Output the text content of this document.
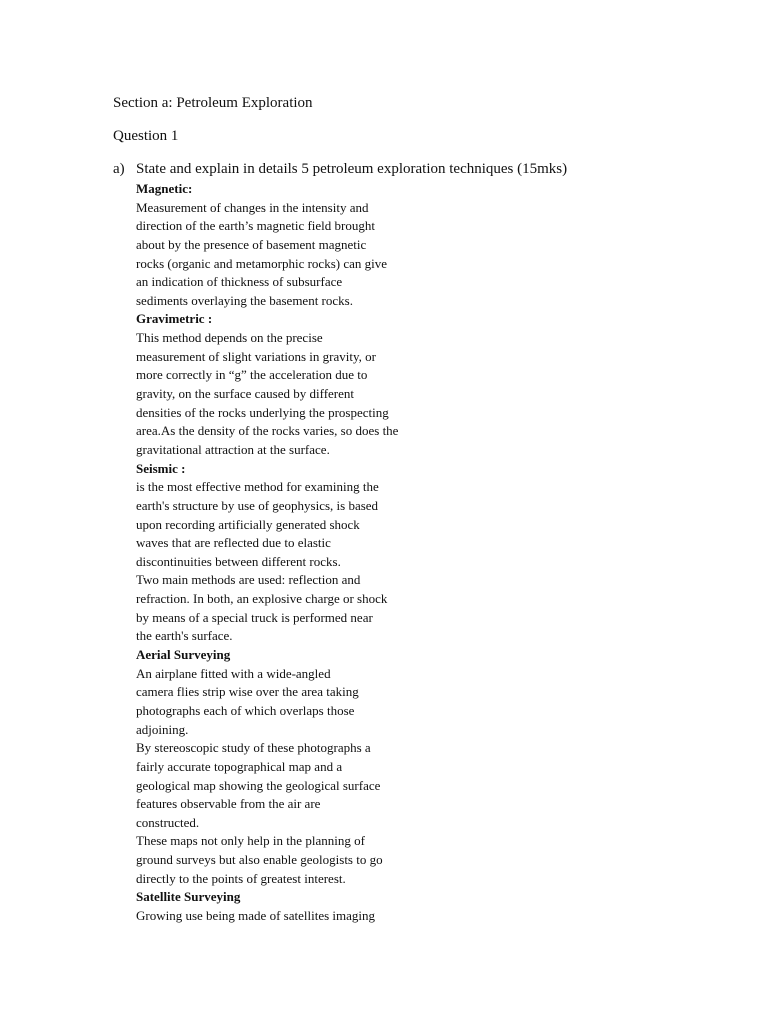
Section a: Petroleum Exploration
Question 1
a) State and explain in details 5 petroleum exploration techniques (15mks)
Magnetic:
Measurement of changes in the intensity and
direction of the earth’s magnetic field brought
about by the presence of basement magnetic
rocks (organic and metamorphic rocks) can give
an indication of thickness of subsurface
sediments overlaying the basement rocks.
Gravimetric :
This method depends on the precise
measurement of slight variations in gravity, or
more correctly in “g” the acceleration due to
gravity, on the surface caused by different
densities of the rocks underlying the prospecting
area.As the density of the rocks varies, so does the
gravitational attraction at the surface.
Seismic :
is the most effective method for examining the
earth's structure by use of geophysics, is based
upon recording artificially generated shock
waves that are reflected due to elastic
discontinuities between different rocks.
Two main methods are used: reflection and
refraction. In both, an explosive charge or shock
by means of a special truck is performed near
the earth's surface.
Aerial Surveying
An airplane fitted with a wide-angled
camera flies strip wise over the area taking
photographs each of which overlaps those
adjoining.
By stereoscopic study of these photographs a
fairly accurate topographical map and a
geological map showing the geological surface
features observable from the air are
constructed.
These maps not only help in the planning of
ground surveys but also enable geologists to go
directly to the points of greatest interest.
Satellite Surveying
Growing use being made of satellites imaging
